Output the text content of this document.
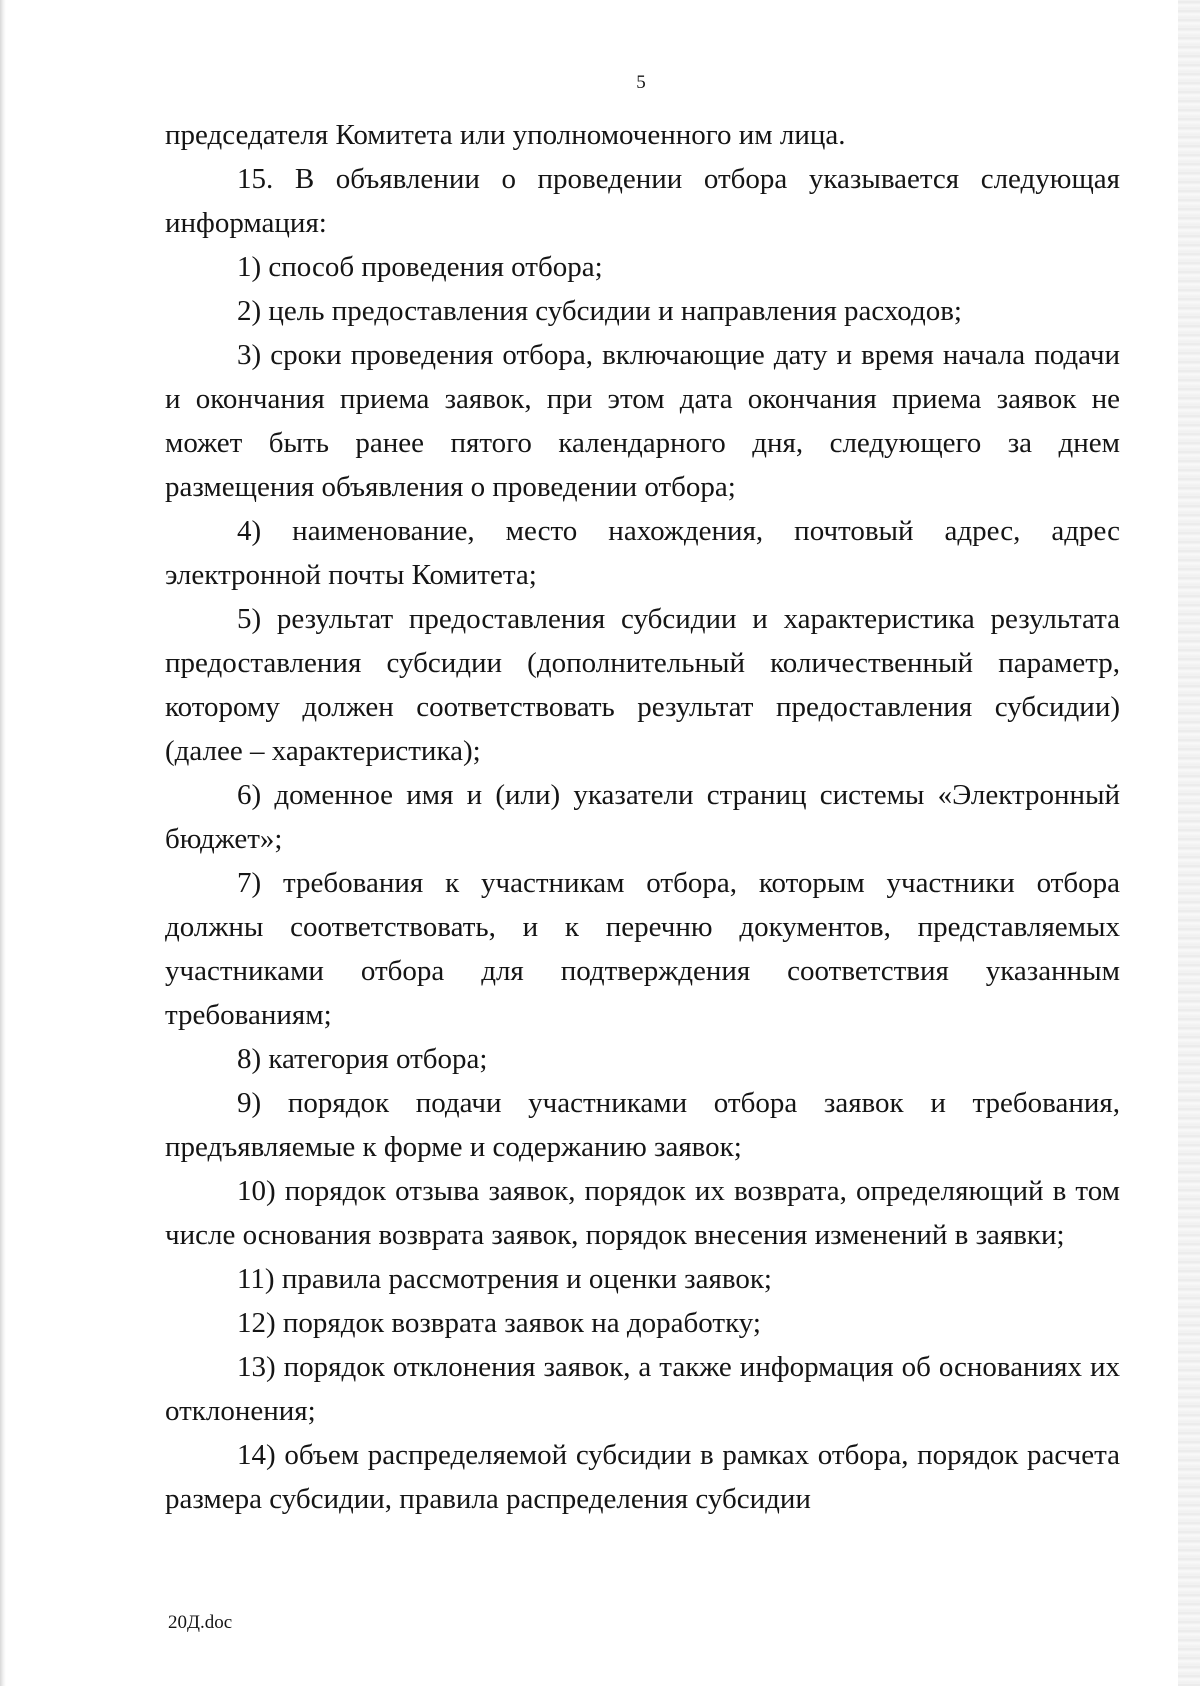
5

председателя Комитета или уполномоченного им лица.

15. В объявлении о проведении отбора указывается следующая информация:

1) способ проведения отбора;

2) цель предоставления субсидии и направления расходов;

3) сроки проведения отбора, включающие дату и время начала подачи и окончания приема заявок, при этом дата окончания приема заявок не может быть ранее пятого календарного дня, следующего за днем размещения объявления о проведении отбора;

4) наименование, место нахождения, почтовый адрес, адрес электронной почты Комитета;

5) результат предоставления субсидии и характеристика результата предоставления субсидии (дополнительный количественный параметр, которому должен соответствовать результат предоставления субсидии) (далее – характеристика);

6) доменное имя и (или) указатели страниц системы «Электронный бюджет»;

7) требования к участникам отбора, которым участники отбора должны соответствовать, и к перечню документов, представляемых участниками отбора для подтверждения соответствия указанным требованиям;

8) категория отбора;

9) порядок подачи участниками отбора заявок и требования, предъявляемые к форме и содержанию заявок;

10) порядок отзыва заявок, порядок их возврата, определяющий в том числе основания возврата заявок, порядок внесения изменений в заявки;

11) правила рассмотрения и оценки заявок;

12) порядок возврата заявок на доработку;

13) порядок отклонения заявок, а также информация об основаниях их отклонения;

14) объем распределяемой субсидии в рамках отбора, порядок расчета размера субсидии, правила распределения субсидии

20Д.doc
